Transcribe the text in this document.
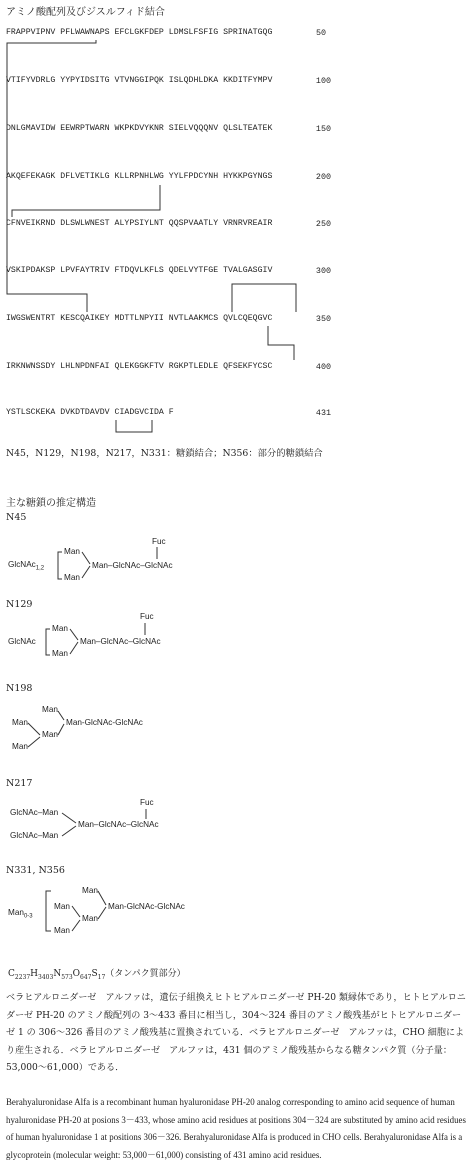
アミノ酸配列及びジスルフィド結合
FRAPPVIPNV PFLWAWNAPS EFCLGKFDEP LDMSLFSFIG SPRINATGQG	50
VTIFYVDRLG YYPYIDSITG VTVNGGIPQK ISLQDHLDKA KKDITFYMPV	100
DNLGMAVIDW EEWRPTWARN WKPKDVYKNR SIELVQQQNV QLSLTEATEK	150
AKQEFEKAGK DFLVETIKLG KLLRPNHLWG YYLFPDCYNH HYKKPGYNGS	200
CFNVEIKRND DLSWLWNEST ALYPSIYLNT QQSPVAATLY VRNRVREAIR	250
VSKIPDAKSP LPVFAYTRIV FTDQVLKFLS QDELVYTFGE TVALGASGIV	300
IWGSWENTRT KESCQAIKEY MDTTLNPYII NVTLAAKMCS QVLCQEQGVC	350
IRKNWNSSDY LHLNPDNFAI QLEKGGKFTV RGKPTLEDLE QFSEKFYCSC	400
YSTLSCKEKA DVKDTDAVDV CIADGVCIDA F	431
N45，N129，N198，N217，N331：糖鎖結合；N356：部分的糖鎖結合
主な糖鎖の推定構造
N45
Fuc
Man
GlcNAc$_{1,2}$	Man–GlcNAc–GlcNAc
Man
N129
Fuc
Man
GlcNAc	Man–GlcNAc–GlcNAc
Man
N198
Man
Man-GlcNAc-GlcNAc
Man
Man
Man
N217
Fuc
GlcNAc–Man
Man–GlcNAc–GlcNAc
GlcNAc–Man
N331, N356
Man
Man	Man-GlcNAc-GlcNAc
Man$_{0-3}$	Man
Man
$C_{2237}H_{3403}N_{573}O_{647}S_{17}$（タンパク質部分）
ベラヒアルロニダーゼ　アルファは，遺伝子組換えヒトヒアルロニダーゼ PH-20 類縁体であり，ヒトヒアルロニダーゼ PH-20 のアミノ酸配列の 3～433 番目に相当し，304～324 番目のアミノ酸残基がヒトヒアルロニダーゼ 1 の 306～326 番目のアミノ酸残基に置換されている．ベラヒアルロニダーゼ　アルファは，CHO 細胞により産生される．ベラヒアルロニダーゼ　アルファは，431 個のアミノ酸残基からなる糖タンパク質（分子量：53,000～61,000）である．
Berahyaluronidase Alfa is a recombinant human hyaluronidase PH-20 analog corresponding to amino acid sequence of human hyaluronidase PH-20 at posions 3－433, whose amino acid residues at positions 304－324 are substituted by amino acid residues of human hyaluronidase 1 at positions 306－326. Berahyaluronidase Alfa is produced in CHO cells. Berahyaluronidase Alfa is a glycoprotein (molecular weight: 53,000－61,000) consisting of 431 amino acid residues.
